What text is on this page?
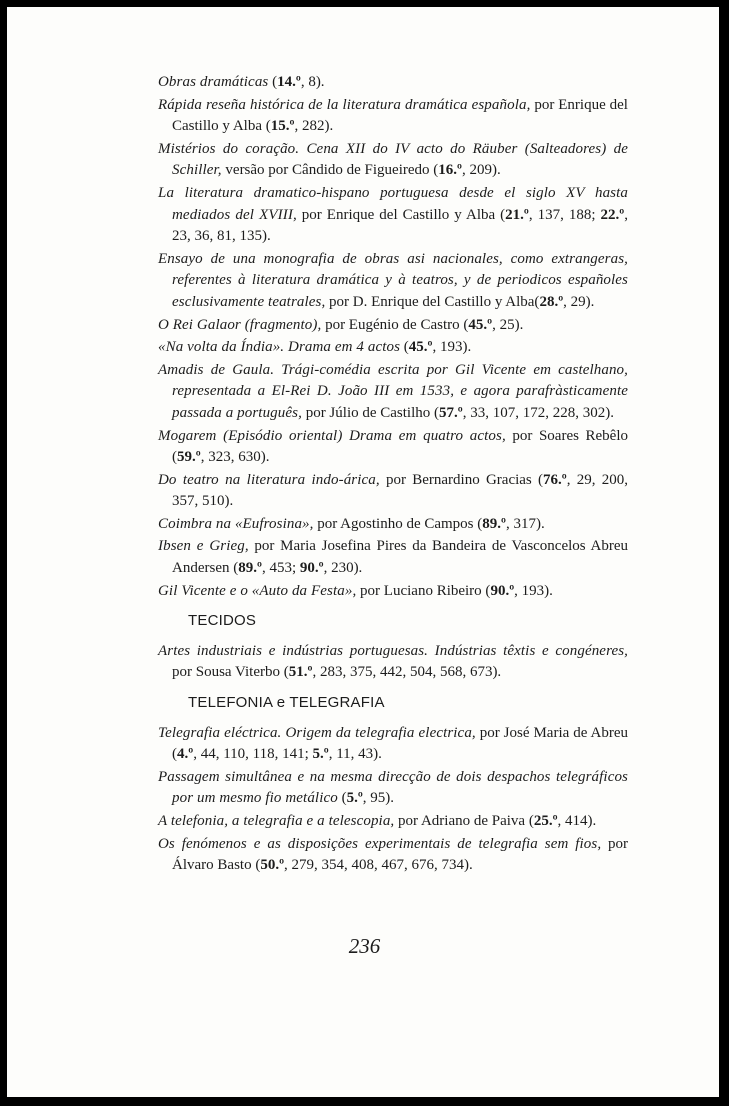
Obras dramáticas (14.º, 8).

Rápida reseña histórica de la literatura dramática española, por Enrique del Castillo y Alba (15.º, 282).

Mistérios do coração. Cena XII do IV acto do Räuber (Salteadores) de Schiller, versão por Cândido de Figueiredo (16.º, 209).

La literatura dramatico-hispano portuguesa desde el siglo XV hasta mediados del XVIII, por Enrique del Castillo y Alba (21.º, 137, 188; 22.º, 23, 36, 81, 135).

Ensayo de una monografia de obras asi nacionales, como extrangeras, referentes à literatura dramática y à teatros, y de periodicos españoles esclusivamente teatrales, por D. Enrique del Castillo y Alba(28.º, 29).

O Rei Galaor (fragmento), por Eugénio de Castro (45.º, 25).

«Na volta da Índia». Drama em 4 actos (45.º, 193).

Amadis de Gaula. Trági-comédia escrita por Gil Vicente em castelhano, representada a El-Rei D. João III em 1533, e agora parafràsticamente passada a português, por Júlio de Castilho (57.º, 33, 107, 172, 228, 302).

Mogarem (Episódio oriental) Drama em quatro actos, por Soares Rebêlo (59.º, 323, 630).

Do teatro na literatura indo-árica, por Bernardino Gracias (76.º, 29, 200, 357, 510).

Coimbra na «Eufrosina», por Agostinho de Campos (89.º, 317).

Ibsen e Grieg, por Maria Josefina Pires da Bandeira de Vasconcelos Abreu Andersen (89.º, 453; 90.º, 230).

Gil Vicente e o «Auto da Festa», por Luciano Ribeiro (90.º, 193).

TECIDOS

Artes industriais e indústrias portuguesas. Indústrias têxtis e congéneres, por Sousa Viterbo (51.º, 283, 375, 442, 504, 568, 673).

TELEFONIA e TELEGRAFIA

Telegrafia eléctrica. Origem da telegrafia electrica, por José Maria de Abreu (4.º, 44, 110, 118, 141; 5.º, 11, 43).

Passagem simultânea e na mesma direcção de dois despachos telegráficos por um mesmo fio metálico (5.º, 95).

A telefonia, a telegrafia e a telescopia, por Adriano de Paiva (25.º, 414).

Os fenómenos e as disposições experimentais de telegrafia sem fios, por Álvaro Basto (50.º, 279, 354, 408, 467, 676, 734).

236
